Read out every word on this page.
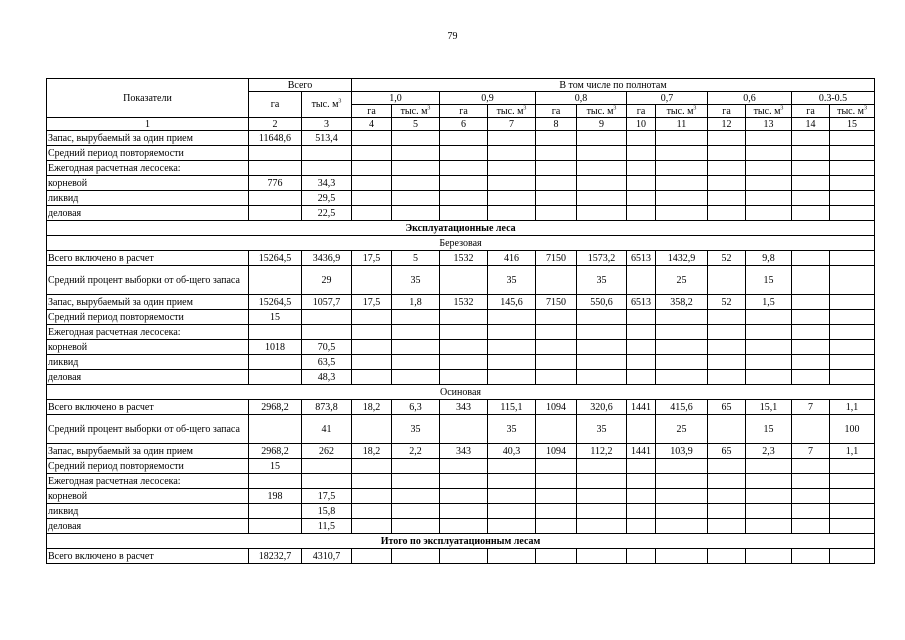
79
Показатели	Всего		В том числе по полнотам											
	га	тыс. $м^3$	1,0		0,9		0,8		0,7		0,6		0.3-0.5	
			га	тыс. $м^3$	га	тыс. $м^3$	га	тыс. $м^3$	га	тыс. $м^3$	га	тыс. $м^3$	га	тыс. $м^3$
1	2	3	4	5	6	7	8	9	10	11	12	13	14	15
Запас, вырубаемый за один прием	11648,6	513,4												
Средний период повторяемости														
Ежегодная расчетная лесосека:														
корневой	776	34,3												
ликвид		29,5												
деловая		22,5												
Эксплуатационные леса														
Березовая														
Всего включено в расчет	15264,5	3436,9	17,5	5	1532	416	7150	1573,2	6513	1432,9	52	9,8		
Средний процент выборки от об-щего запаса		29		35		35		35		25		15		
Запас, вырубаемый за один прием	15264,5	1057,7	17,5	1,8	1532	145,6	7150	550,6	6513	358,2	52	1,5		
Средний период повторяемости	15													
Ежегодная расчетная лесосека:														
корневой	1018	70,5												
ликвид		63,5												
деловая		48,3												
Осиновая														
Всего включено в расчет	2968,2	873,8	18,2	6,3	343	115,1	1094	320,6	1441	415,6	65	15,1	7	1,1
Средний процент выборки от об-щего запаса		41		35		35		35		25		15		100
Запас, вырубаемый за один прием	2968,2	262	18,2	2,2	343	40,3	1094	112,2	1441	103,9	65	2,3	7	1,1
Средний период повторяемости	15													
Ежегодная расчетная лесосека:														
корневой	198	17,5												
ликвид		15,8												
деловая		11,5												
Итого по эксплуатационным лесам														
Всего включено в расчет	18232,7	4310,7												
